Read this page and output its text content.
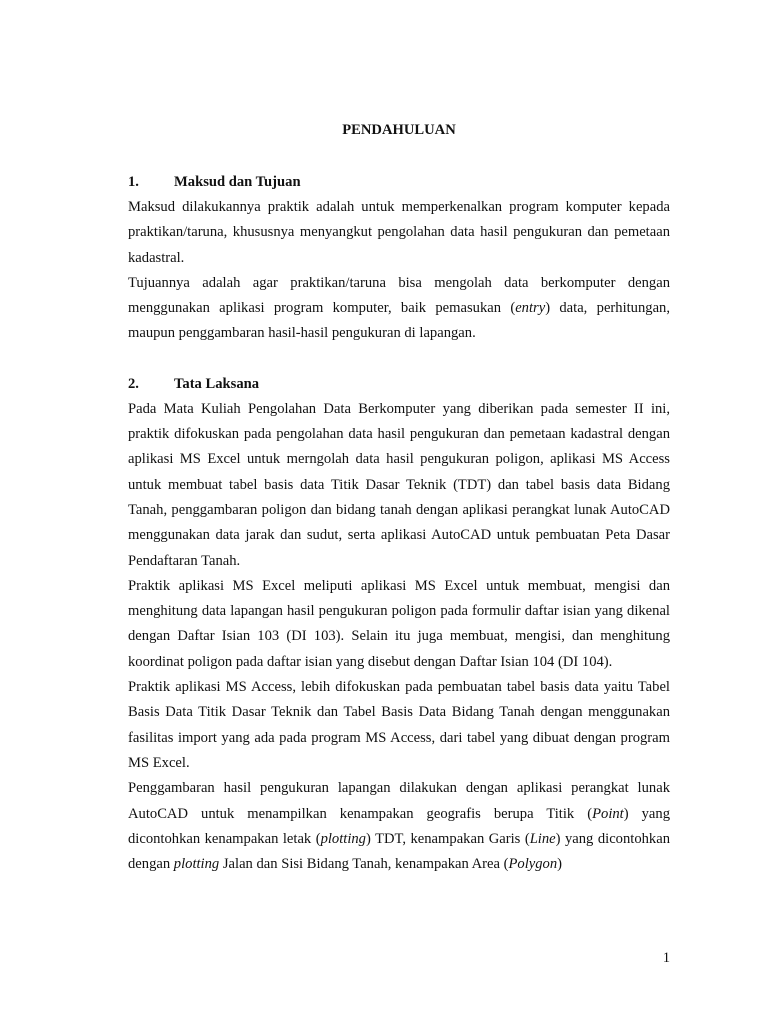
PENDAHULUAN
1.	Maksud dan Tujuan

Maksud dilakukannya praktik adalah untuk memperkenalkan program komputer kepada praktikan/taruna, khususnya menyangkut pengolahan data hasil pengukuran dan pemetaan kadastral.

Tujuannya adalah agar praktikan/taruna bisa mengolah data berkomputer dengan menggunakan aplikasi program komputer, baik pemasukan (entry) data, perhitungan, maupun penggambaran hasil-hasil pengukuran di lapangan.

2.	Tata Laksana

Pada Mata Kuliah Pengolahan Data Berkomputer yang diberikan pada semester II ini, praktik difokuskan pada pengolahan data hasil pengukuran dan pemetaan kadastral dengan aplikasi MS Excel untuk merngolah data hasil pengukuran poligon, aplikasi MS Access untuk membuat tabel basis data Titik Dasar Teknik (TDT) dan tabel basis data Bidang Tanah, penggambaran poligon dan bidang tanah dengan aplikasi perangkat lunak AutoCAD menggunakan data jarak dan sudut, serta aplikasi AutoCAD untuk pembuatan Peta Dasar Pendaftaran Tanah.

Praktik aplikasi MS Excel meliputi aplikasi MS Excel untuk membuat, mengisi dan menghitung data lapangan hasil pengukuran poligon pada formulir daftar isian yang dikenal dengan Daftar Isian 103 (DI 103). Selain itu juga membuat, mengisi, dan menghitung koordinat poligon pada daftar isian yang disebut dengan Daftar Isian 104 (DI 104).

Praktik aplikasi MS Access, lebih difokuskan pada pembuatan tabel basis data yaitu Tabel Basis Data Titik Dasar Teknik dan Tabel Basis Data Bidang Tanah dengan menggunakan fasilitas import yang ada pada program MS Access, dari tabel yang dibuat dengan program MS Excel.

Penggambaran hasil pengukuran lapangan dilakukan dengan aplikasi perangkat lunak AutoCAD untuk menampilkan kenampakan geografis berupa Titik (Point) yang dicontohkan kenampakan letak (plotting) TDT, kenampakan Garis (Line) yang dicontohkan dengan plotting Jalan dan Sisi Bidang Tanah, kenampakan Area (Polygon)

1
